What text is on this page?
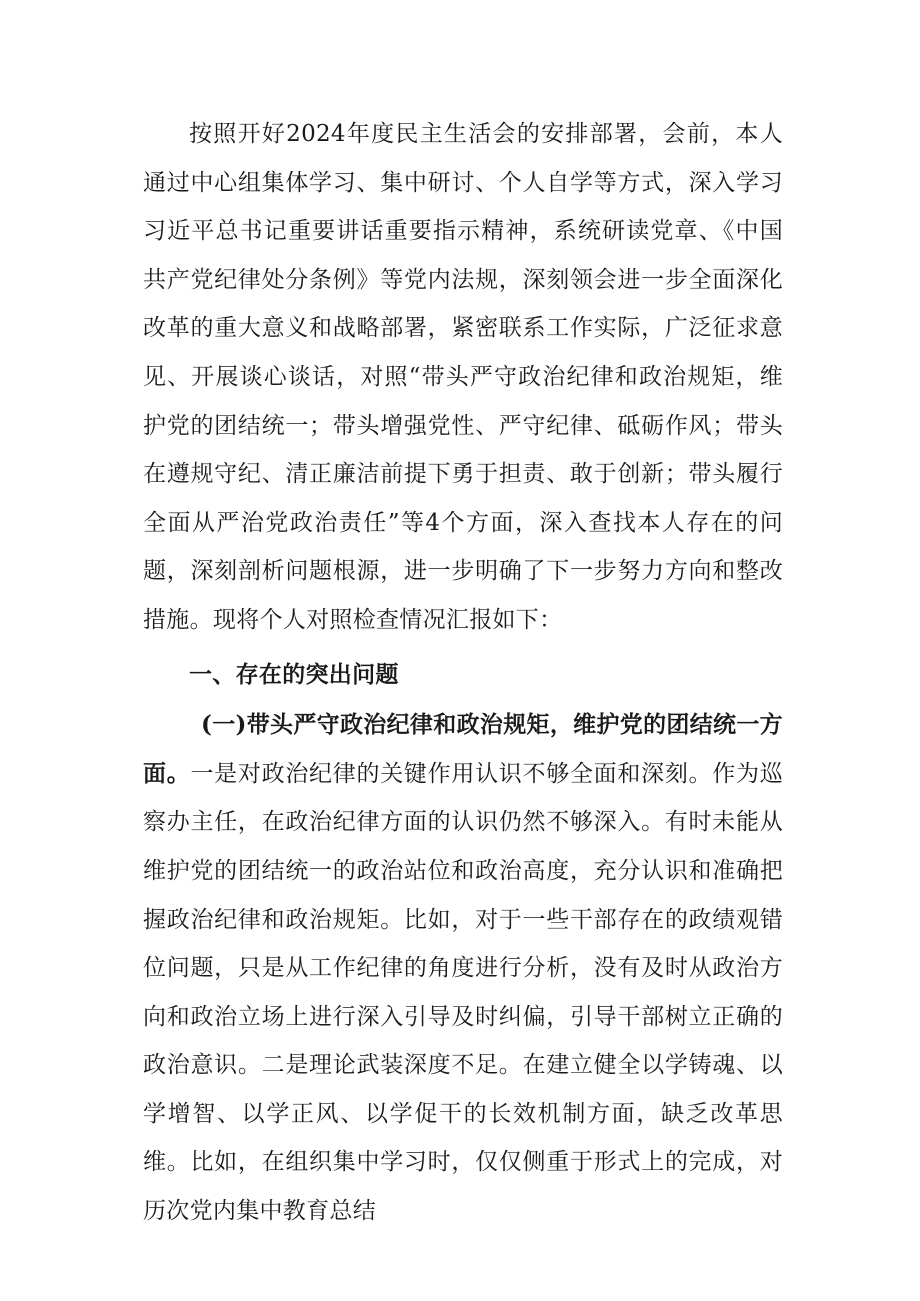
按照开好2024年度民主生活会的安排部署，会前，本人通过中心组集体学习、集中研讨、个人自学等方式，深入学习习近平总书记重要讲话重要指示精神，系统研读党章、《中国共产党纪律处分条例》等党内法规，深刻领会进一步全面深化改革的重大意义和战略部署，紧密联系工作实际，广泛征求意见、开展谈心谈话，对照“带头严守政治纪律和政治规矩，维护党的团结统一；带头增强党性、严守纪律、砥砺作风；带头在遵规守纪、清正廉洁前提下勇于担责、敢于创新；带头履行全面从严治党政治责任”等4个方面，深入查找本人存在的问题，深刻剖析问题根源，进一步明确了下一步努力方向和整改措施。现将个人对照检查情况汇报如下：

一、存在的突出问题

(一)带头严守政治纪律和政治规矩，维护党的团结统一方面。一是对政治纪律的关键作用认识不够全面和深刻。作为巡察办主任，在政治纪律方面的认识仍然不够深入。有时未能从维护党的团结统一的政治站位和政治高度，充分认识和准确把握政治纪律和政治规矩。比如，对于一些干部存在的政绩观错位问题，只是从工作纪律的角度进行分析，没有及时从政治方向和政治立场上进行深入引导及时纠偏，引导干部树立正确的政治意识。二是理论武装深度不足。在建立健全以学铸魂、以学增智、以学正风、以学促干的长效机制方面，缺乏改革思维。比如，在组织集中学习时，仅仅侧重于形式上的完成，对历次党内集中教育总结
